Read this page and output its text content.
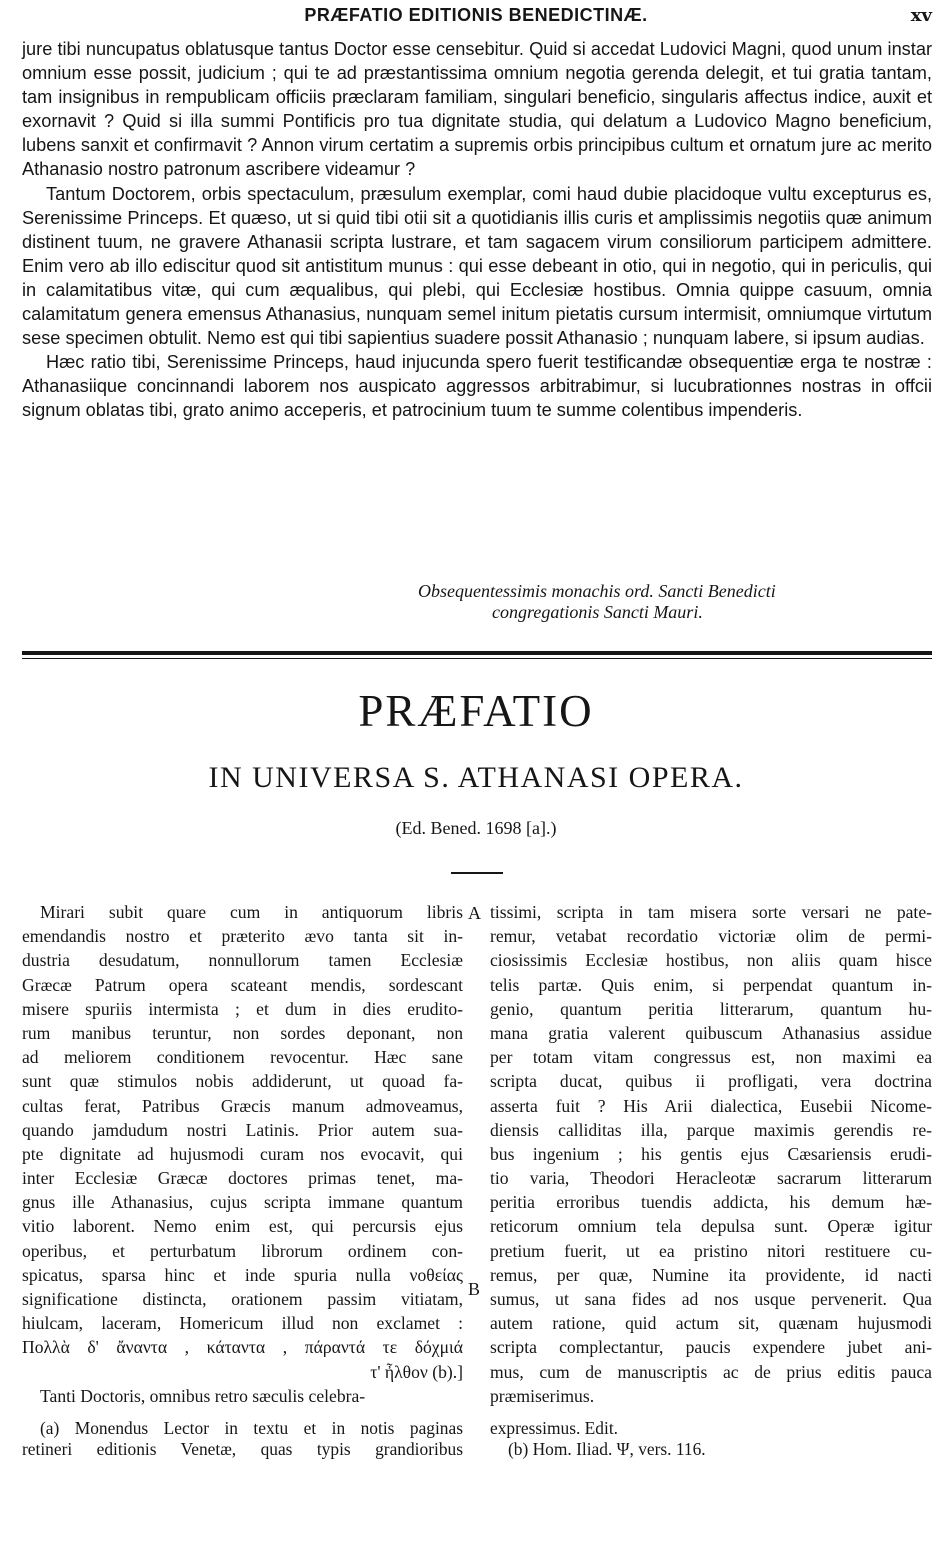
PRÆFATIO EDITIONIS BENEDICTINÆ.	xv

jure tibi nuncupatus oblatusque tantus Doctor esse censebitur. Quid si accedat Ludovici Magni, quod unum instar omnium esse possit, judicium ; qui te ad præstantissima omnium negotia gerenda delegit, et tui gratia tantam, tam insignibus in rempublicam officiis præclaram familiam, singulari beneficio, singularis affectus indice, auxit et exornavit ? Quid si illa summi Pontificis pro tua dignitate studia, qui delatum a Ludovico Magno beneficium, lubens sanxit et confirmavit ? Annon virum certatim a supremis orbis principibus cultum et ornatum jure ac merito Athanasio nostro patronum ascribere videamur ?

Tantum Doctorem, orbis spectaculum, præsulum exemplar, comi haud dubie placidoque vultu excepturus es, Serenissime Princeps. Et quæso, ut si quid tibi otii sit a quotidianis illis curis et amplissimis negotiis quæ animum distinent tuum, ne gravere Athanasii scripta lustrare, et tam sagacem virum consiliorum participem admittere. Enim vero ab illo ediscitur quod sit antistitum munus : qui esse debeant in otio, qui in negotio, qui in periculis, qui in calamitatibus vitæ, qui cum æqualibus, qui plebi, qui Ecclesiæ hostibus. Omnia quippe casuum, omnia calamitatum genera emensus Athanasius, nunquam semel initum pietatis cursum intermisit, omniumque virtutum sese specimen obtulit. Nemo est qui tibi sapientius suadere possit Athanasio ; nunquam labere, si ipsum audias.

Hæc ratio tibi, Serenissime Princeps, haud injucunda spero fuerit testificandæ obsequentiæ erga te nostræ : Athanasiique concinnandi laborem nos auspicato aggressos arbitrabimur, si lucubrationnes nostras in offcii signum oblatas tibi, grato animo acceperis, et patrocinium tuum te summe colentibus impenderis.

Obsequentessimis monachis ord. Sancti Benedicti
congregationis Sancti Mauri.
PRÆFATIO
IN UNIVERSA S. ATHANASI OPERA.
(Ed. Bened. 1698 [a].)
Mirari subit quare cum in antiquorum libris
emendandis nostro et præterito ævo tanta sit in-
dustria desudatum, nonnullorum tamen Ecclesiæ
Græcæ Patrum opera scateant mendis, sordescant
misere spuriis intermista ; et dum in dies erudito-
rum manibus teruntur, non sordes deponant, non
ad meliorem conditionem revocentur. Hæc sane
sunt quæ stimulos nobis addiderunt, ut quoad fa-
cultas ferat, Patribus Græcis manum admoveamus,
quando jamdudum nostri Latinis. Prior autem sua-
pte dignitate ad hujusmodi curam nos evocavit, qui
inter Ecclesiæ Græcæ doctores primas tenet, ma-
gnus ille Athanasius, cujus scripta immane quantum
vitio laborent. Nemo enim est, qui percursis ejus
operibus, et perturbatum librorum ordinem con-
spicatus, sparsa hinc et inde spuria nulla νοθείας
significatione distincta, orationem passim vitiatam,
hiulcam, laceram, Homericum illud non exclamet :
Πολλὰ δ' ἄναντα , κάταντα , πάραντά τε δόχμιά
τ' ἦλθον (b).]
Tanti Doctoris, omnibus retro sæculis celebra-
A
B
tissimi, scripta in tam misera sorte versari ne pate-
remur, vetabat recordatio victoriæ olim de permi-
ciosissimis Ecclesiæ hostibus, non aliis quam hisce
telis partæ. Quis enim, si perpendat quantum in-
genio, quantum peritia litterarum, quantum hu-
mana gratia valerent quibuscum Athanasius assidue
per totam vitam congressus est, non maximi ea
scripta ducat, quibus ii profligati, vera doctrina
asserta fuit ? His Arii dialectica, Eusebii Nicome-
diensis calliditas illa, parque maximis gerendis re-
bus ingenium ; his gentis ejus Cæsariensis erudi-
tio varia, Theodori Heracleotæ sacrarum litterarum
peritia erroribus tuendis addicta, his demum hæ-
reticorum omnium tela depulsa sunt. Operæ igitur
pretium fuerit, ut ea pristino nitori restituere cu-
remus, per quæ, Numine ita providente, id nacti
sumus, ut sana fides ad nos usque pervenerit. Qua
autem ratione, quid actum sit, quænam hujusmodi
scripta complectantur, paucis expendere jubet ani-
mus, cum de manuscriptis ac de prius editis pauca
præmiserimus.
(a) Monendus Lector in textu et in notis paginas
retineri editionis Venetæ, quas typis grandioribus
expressimus. Edit.
(b) Hom. Iliad. Ψ, vers. 116.
